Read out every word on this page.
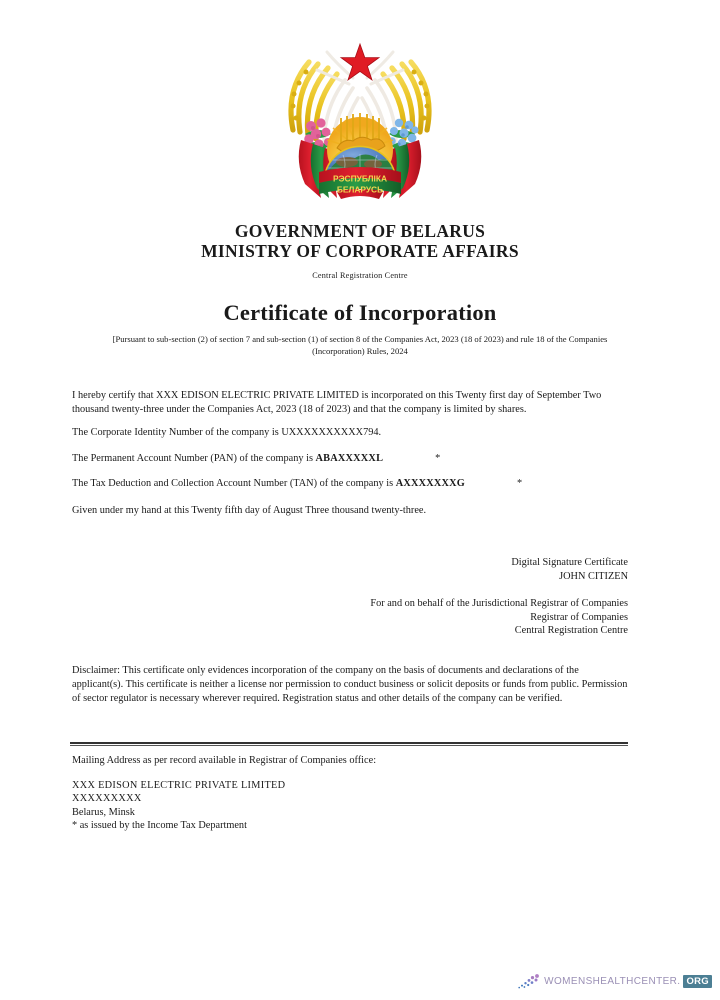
РЭСПУБЛІКА
БЕЛАРУСЬ
GOVERNMENT OF BELARUS
MINISTRY OF CORPORATE AFFAIRS
Central Registration Centre
Certificate of Incorporation
[Pursuant to sub-section (2) of section 7 and sub-section (1) of section 8 of the Companies Act, 2023 (18 of 2023) and rule 18 of the Companies (Incorporation) Rules, 2024

I hereby certify that XXX EDISON ELECTRIC PRIVATE LIMITED is incorporated on this Twenty first day of September Two thousand twenty-three under the Companies Act, 2023 (18 of 2023) and that the company is limited by shares.

The Corporate Identity Number of the company is UXXXXXXXXXX794.

The Permanent Account Number (PAN) of the company is ABAXXXXXL	*

The Tax Deduction and Collection Account Number (TAN) of the company is AXXXXXXXG	*

Given under my hand at this Twenty fifth day of August Three thousand twenty-three.

Digital Signature Certificate
JOHN CITIZEN
For and on behalf of the Jurisdictional Registrar of Companies
Registrar of Companies
Central Registration Centre
Disclaimer: This certificate only evidences incorporation of the company on the basis of documents and declarations of the applicant(s). This certificate is neither a license nor permission to conduct business or solicit deposits or funds from public. Permission of sector regulator is necessary wherever required. Registration status and other details of the company can be verified.
Mailing Address as per record available in Registrar of Companies office:
XXX EDISON ELECTRIC PRIVATE LIMITED
XXXXXXXXX
Belarus, Minsk
* as issued by the Income Tax Department
WOMENSHEALTHCENTER. ORG
